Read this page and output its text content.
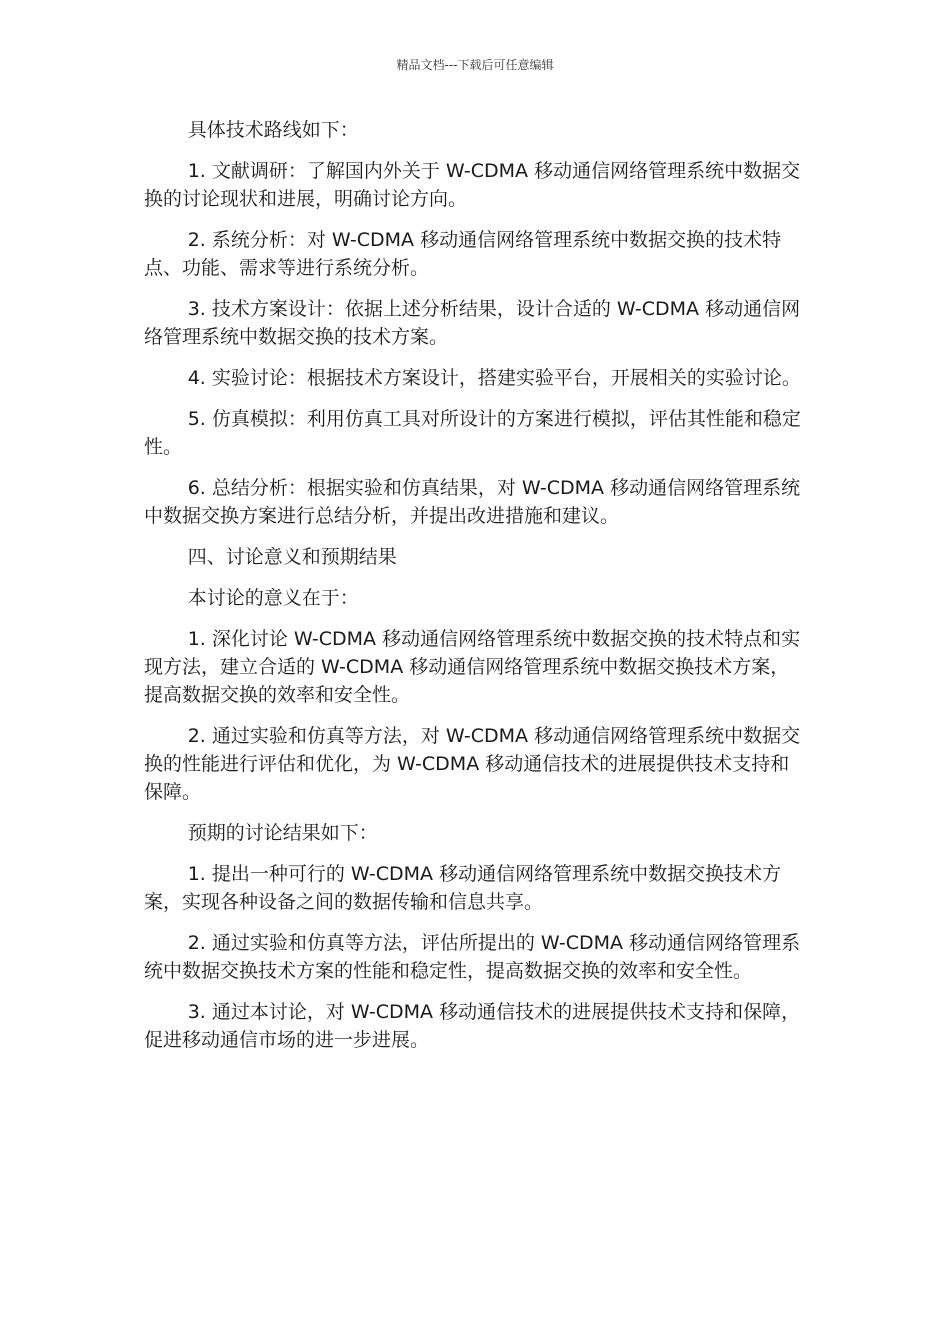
精品文档---下载后可任意编辑

具体技术路线如下：

1. 文献调研：了解国内外关于 W-CDMA 移动通信网络管理系统中数据交换的讨论现状和进展，明确讨论方向。

2. 系统分析：对 W-CDMA 移动通信网络管理系统中数据交换的技术特点、功能、需求等进行系统分析。

3. 技术方案设计：依据上述分析结果，设计合适的 W-CDMA 移动通信网络管理系统中数据交换的技术方案。

4. 实验讨论：根据技术方案设计，搭建实验平台，开展相关的实验讨论。

5. 仿真模拟：利用仿真工具对所设计的方案进行模拟，评估其性能和稳定性。

6. 总结分析：根据实验和仿真结果，对 W-CDMA 移动通信网络管理系统中数据交换方案进行总结分析，并提出改进措施和建议。

四、讨论意义和预期结果

本讨论的意义在于：

1. 深化讨论 W-CDMA 移动通信网络管理系统中数据交换的技术特点和实现方法，建立合适的 W-CDMA 移动通信网络管理系统中数据交换技术方案，提高数据交换的效率和安全性。

2. 通过实验和仿真等方法，对 W-CDMA 移动通信网络管理系统中数据交换的性能进行评估和优化，为 W-CDMA 移动通信技术的进展提供技术支持和保障。

预期的讨论结果如下：

1. 提出一种可行的 W-CDMA 移动通信网络管理系统中数据交换技术方案，实现各种设备之间的数据传输和信息共享。

2. 通过实验和仿真等方法，评估所提出的 W-CDMA 移动通信网络管理系统中数据交换技术方案的性能和稳定性，提高数据交换的效率和安全性。

3. 通过本讨论，对 W-CDMA 移动通信技术的进展提供技术支持和保障，促进移动通信市场的进一步进展。
